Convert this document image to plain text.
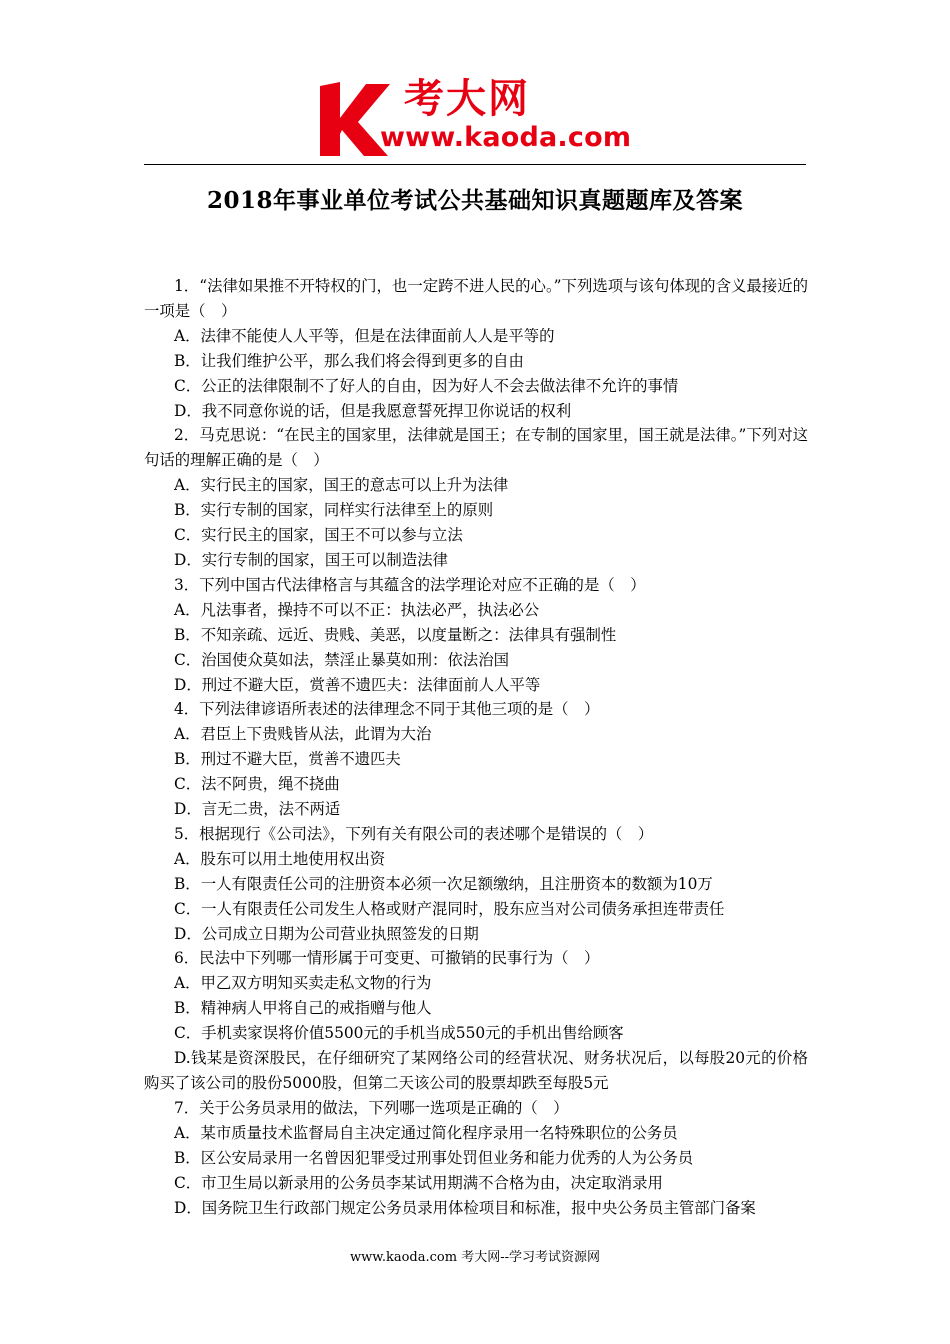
考大网
www.kaoda.com
2018年事业单位考试公共基础知识真题题库及答案

1．“法律如果推不开特权的门，也一定跨不进人民的心。”下列选项与该句体现的含义最接近的一项是（　）

A．法律不能使人人平等，但是在法律面前人人是平等的

B．让我们维护公平，那么我们将会得到更多的自由

C．公正的法律限制不了好人的自由，因为好人不会去做法律不允许的事情

D．我不同意你说的话，但是我愿意誓死捍卫你说话的权利

2．马克思说：“在民主的国家里，法律就是国王；在专制的国家里，国王就是法律。”下列对这句话的理解正确的是（　）

A．实行民主的国家，国王的意志可以上升为法律

B．实行专制的国家，同样实行法律至上的原则

C．实行民主的国家，国王不可以参与立法

D．实行专制的国家，国王可以制造法律

3．下列中国古代法律格言与其蕴含的法学理论对应不正确的是（　）

A．凡法事者，操持不可以不正：执法必严，执法必公

B．不知亲疏、远近、贵贱、美恶，以度量断之：法律具有强制性

C．治国使众莫如法，禁淫止暴莫如刑：依法治国

D．刑过不避大臣，赏善不遗匹夫：法律面前人人平等

4．下列法律谚语所表述的法律理念不同于其他三项的是（　）

A．君臣上下贵贱皆从法，此谓为大治

B．刑过不避大臣，赏善不遗匹夫

C．法不阿贵，绳不挠曲

D．言无二贵，法不两适

5．根据现行《公司法》，下列有关有限公司的表述哪个是错误的（　）

A．股东可以用土地使用权出资

B．一人有限责任公司的注册资本必须一次足额缴纳，且注册资本的数额为10万

C．一人有限责任公司发生人格或财产混同时，股东应当对公司债务承担连带责任

D．公司成立日期为公司营业执照签发的日期

6．民法中下列哪一情形属于可变更、可撤销的民事行为（　）

A．甲乙双方明知买卖走私文物的行为

B．精神病人甲将自己的戒指赠与他人

C．手机卖家误将价值5500元的手机当成550元的手机出售给顾客

D.钱某是资深股民，在仔细研究了某网络公司的经营状况、财务状况后，以每股20元的价格购买了该公司的股份5000股，但第二天该公司的股票却跌至每股5元

7．关于公务员录用的做法，下列哪一选项是正确的（　）

A．某市质量技术监督局自主决定通过简化程序录用一名特殊职位的公务员

B．区公安局录用一名曾因犯罪受过刑事处罚但业务和能力优秀的人为公务员

C．市卫生局以新录用的公务员李某试用期满不合格为由，决定取消录用

D．国务院卫生行政部门规定公务员录用体检项目和标准，报中央公务员主管部门备案

www.kaoda.com 考大网--学习考试资源网
